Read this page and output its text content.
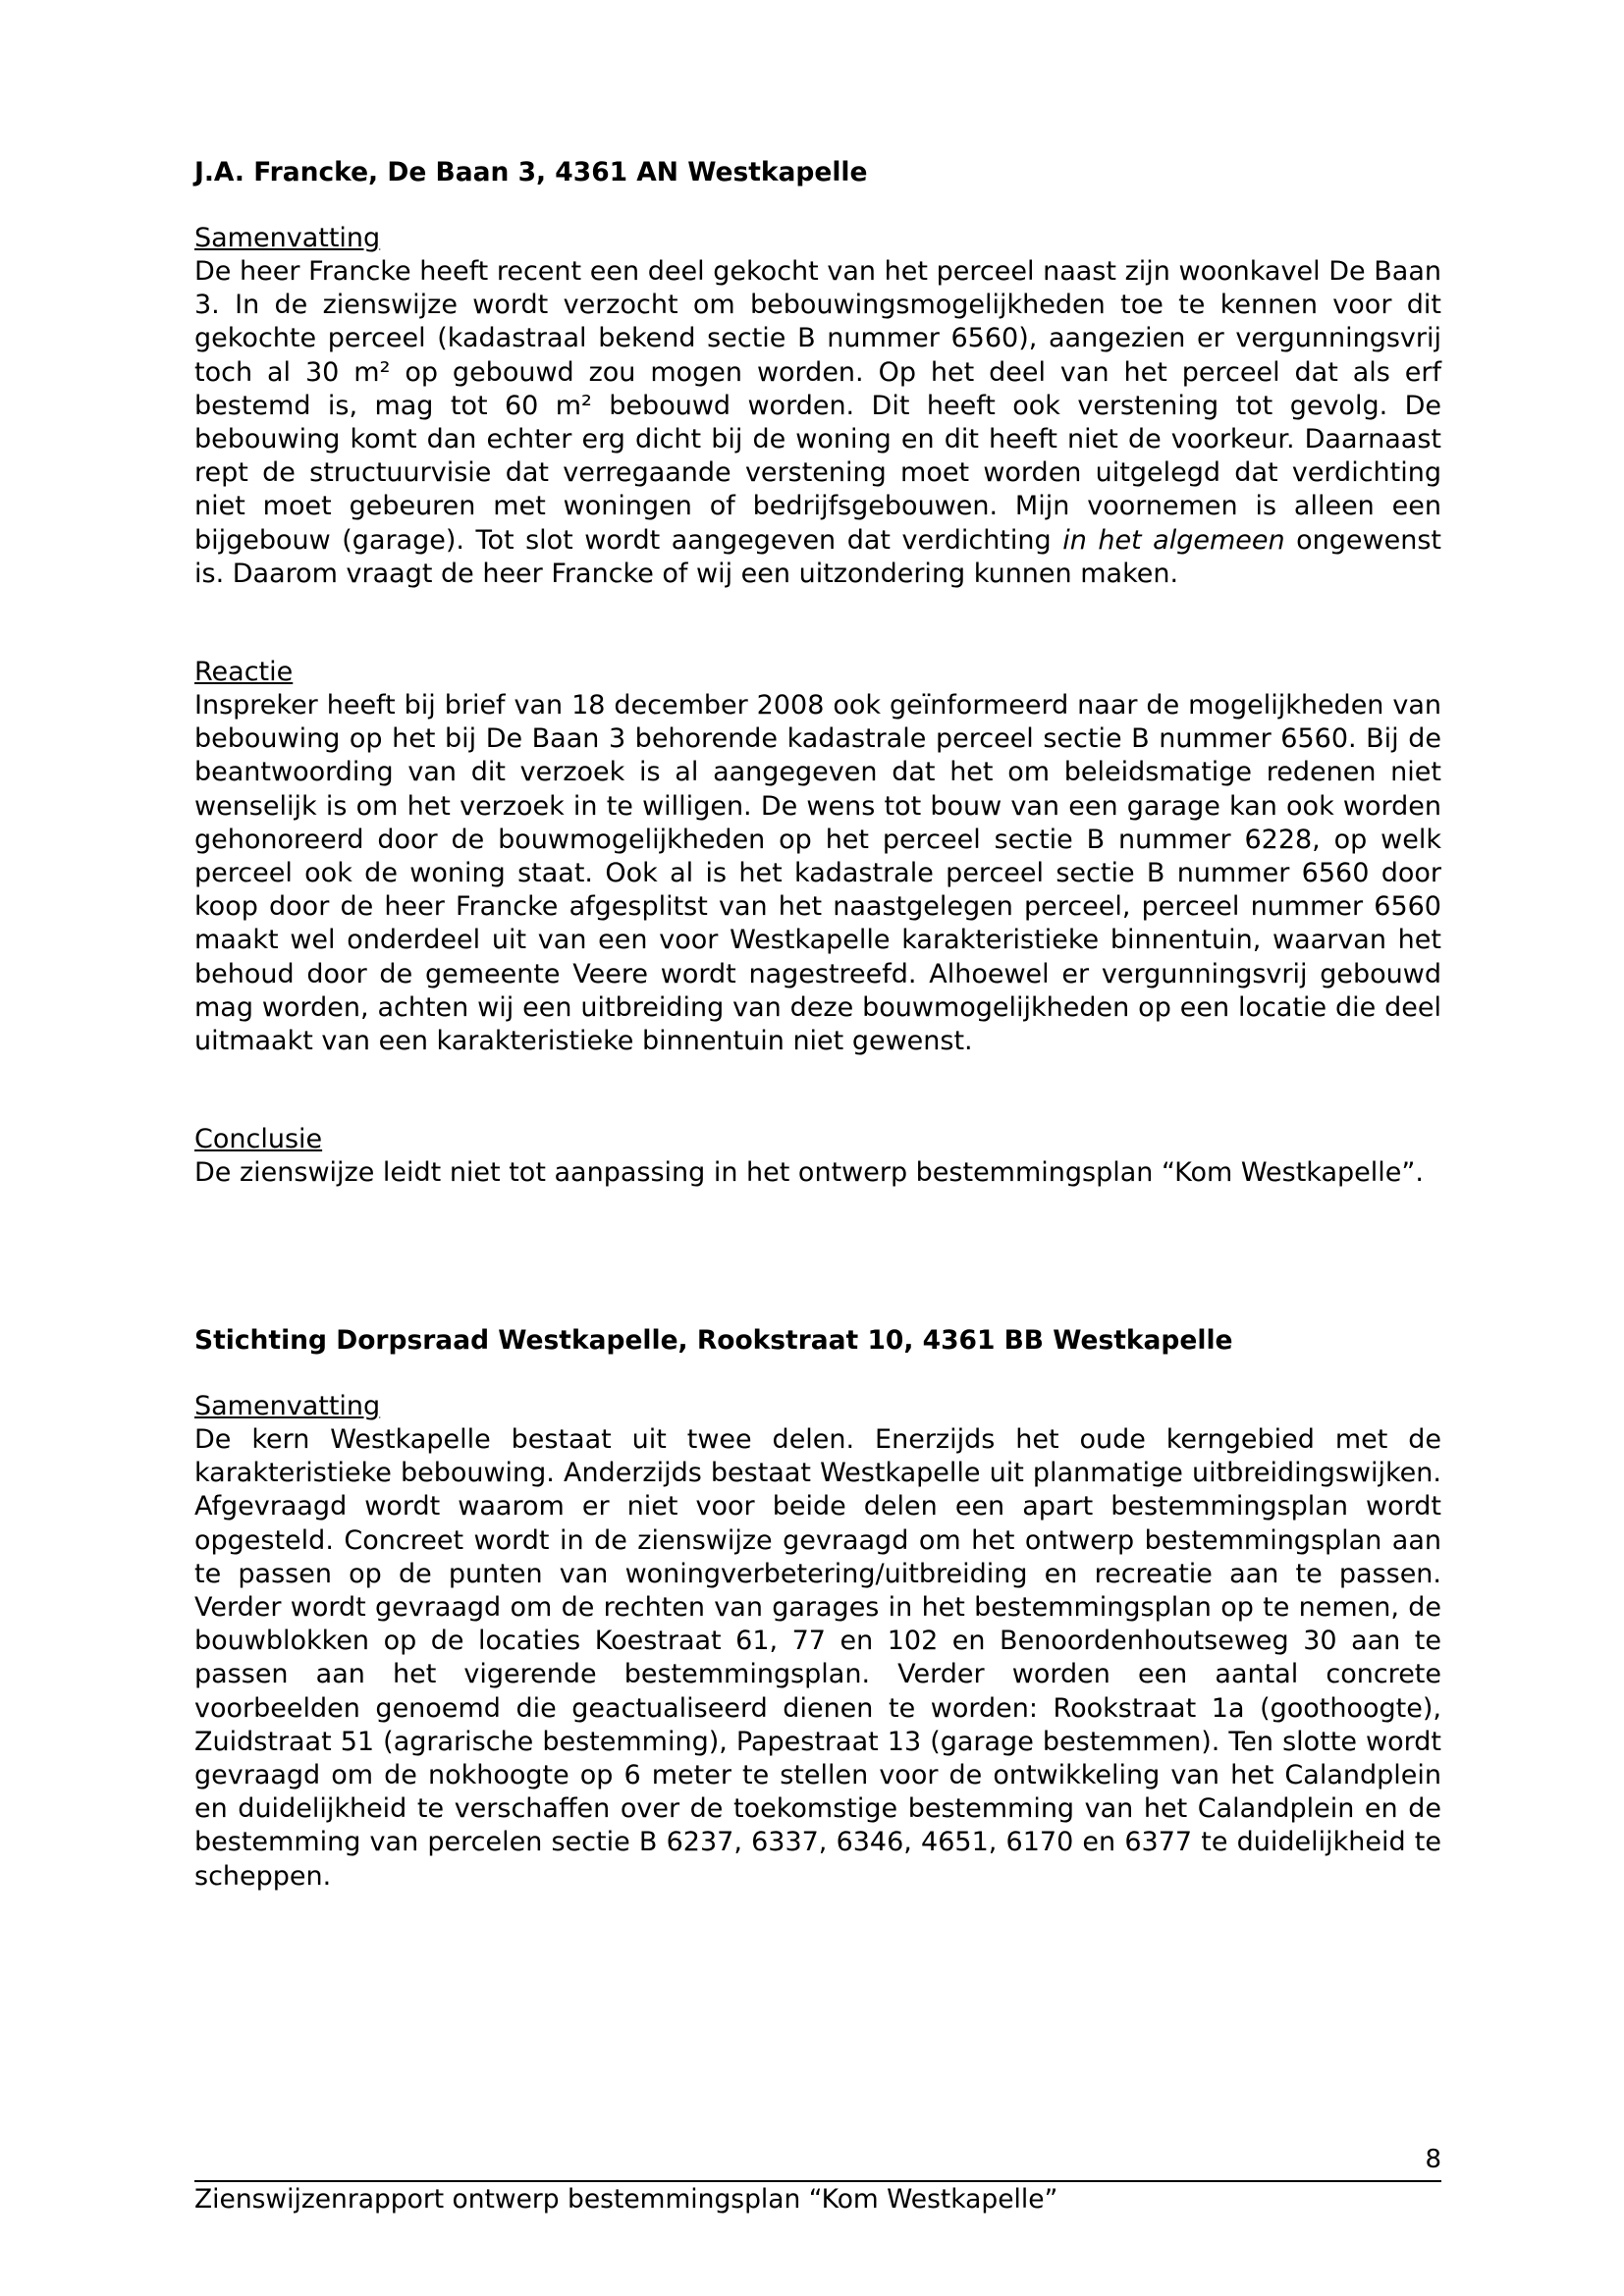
J.A. Francke, De Baan 3, 4361 AN Westkapelle
Samenvatting

De heer Francke heeft recent een deel gekocht van het perceel naast zijn woonkavel De Baan 3. In de zienswijze wordt verzocht om bebouwingsmogelijkheden toe te kennen voor dit gekochte perceel (kadastraal bekend sectie B nummer 6560), aangezien er vergunningsvrij toch al 30 m² op gebouwd zou mogen worden. Op het deel van het perceel dat als erf bestemd is, mag tot 60 m² bebouwd worden. Dit heeft ook verstening tot gevolg. De bebouwing komt dan echter erg dicht bij de woning en dit heeft niet de voorkeur. Daarnaast rept de structuurvisie dat verregaande verstening moet worden uitgelegd dat verdichting niet moet gebeuren met woningen of bedrijfsgebouwen. Mijn voornemen is alleen een bijgebouw (garage). Tot slot wordt aangegeven dat verdichting in het algemeen ongewenst is. Daarom vraagt de heer Francke of wij een uitzondering kunnen maken.

Reactie

Inspreker heeft bij brief van 18 december 2008 ook geïnformeerd naar de mogelijkheden van bebouwing op het bij De Baan 3 behorende kadastrale perceel sectie B nummer 6560. Bij de beantwoording van dit verzoek is al aangegeven dat het om beleidsmatige redenen niet wenselijk is om het verzoek in te willigen. De wens tot bouw van een garage kan ook worden gehonoreerd door de bouwmogelijkheden op het perceel sectie B nummer 6228, op welk perceel ook de woning staat. Ook al is het kadastrale perceel sectie B nummer 6560 door koop door de heer Francke afgesplitst van het naastgelegen perceel, perceel nummer 6560 maakt wel onderdeel uit van een voor Westkapelle karakteristieke binnentuin, waarvan het behoud door de gemeente Veere wordt nagestreefd. Alhoewel er vergunningsvrij gebouwd mag worden, achten wij een uitbreiding van deze bouwmogelijkheden op een locatie die deel uitmaakt van een karakteristieke binnentuin niet gewenst.

Conclusie

De zienswijze leidt niet tot aanpassing in het ontwerp bestemmingsplan “Kom Westkapelle”.

Stichting Dorpsraad Westkapelle, Rookstraat 10, 4361 BB Westkapelle
Samenvatting

De kern Westkapelle bestaat uit twee delen. Enerzijds het oude kerngebied met de karakteristieke bebouwing. Anderzijds bestaat Westkapelle uit planmatige uitbreidingswijken. Afgevraagd wordt waarom er niet voor beide delen een apart bestemmingsplan wordt opgesteld. Concreet wordt in de zienswijze gevraagd om het ontwerp bestemmingsplan aan te passen op de punten van woningverbetering/uitbreiding en recreatie aan te passen. Verder wordt gevraagd om de rechten van garages in het bestemmingsplan op te nemen, de bouwblokken op de locaties Koestraat 61, 77 en 102 en Benoordenhoutseweg 30 aan te passen aan het vigerende bestemmingsplan. Verder worden een aantal concrete voorbeelden genoemd die geactualiseerd dienen te worden: Rookstraat 1a (goothoogte), Zuidstraat 51 (agrarische bestemming), Papestraat 13 (garage bestemmen). Ten slotte wordt gevraagd om de nokhoogte op 6 meter te stellen voor de ontwikkeling van het Calandplein en duidelijkheid te verschaffen over de toekomstige bestemming van het Calandplein en de bestemming van percelen sectie B 6237, 6337, 6346, 4651, 6170 en 6377 te duidelijkheid te scheppen.

8
Zienswijzenrapport ontwerp bestemmingsplan “Kom Westkapelle”
